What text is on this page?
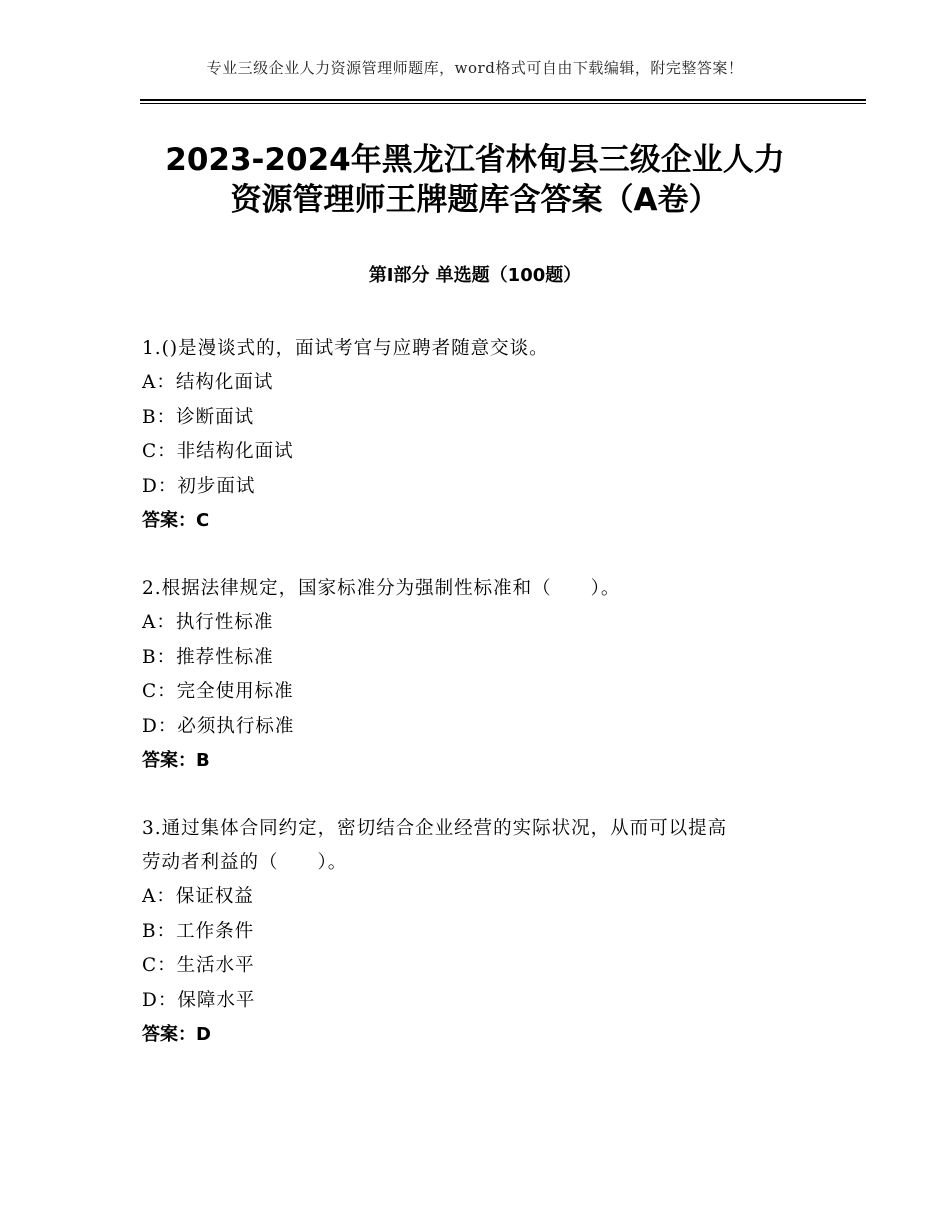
专业三级企业人力资源管理师题库，word格式可自由下载编辑，附完整答案！
2023-2024年黑龙江省林甸县三级企业人力
资源管理师王牌题库含答案（A卷）
第Ⅰ部分 单选题（100题）
1.()是漫谈式的，面试考官与应聘者随意交谈。
A：结构化面试
B：诊断面试
C：非结构化面试
D：初步面试
答案：C
2.根据法律规定，国家标准分为强制性标准和（　　）。
A：执行性标准
B：推荐性标准
C：完全使用标准
D：必须执行标准
答案：B
3.通过集体合同约定，密切结合企业经营的实际状况，从而可以提高
劳动者利益的（　　）。
A：保证权益
B：工作条件
C：生活水平
D：保障水平
答案：D
